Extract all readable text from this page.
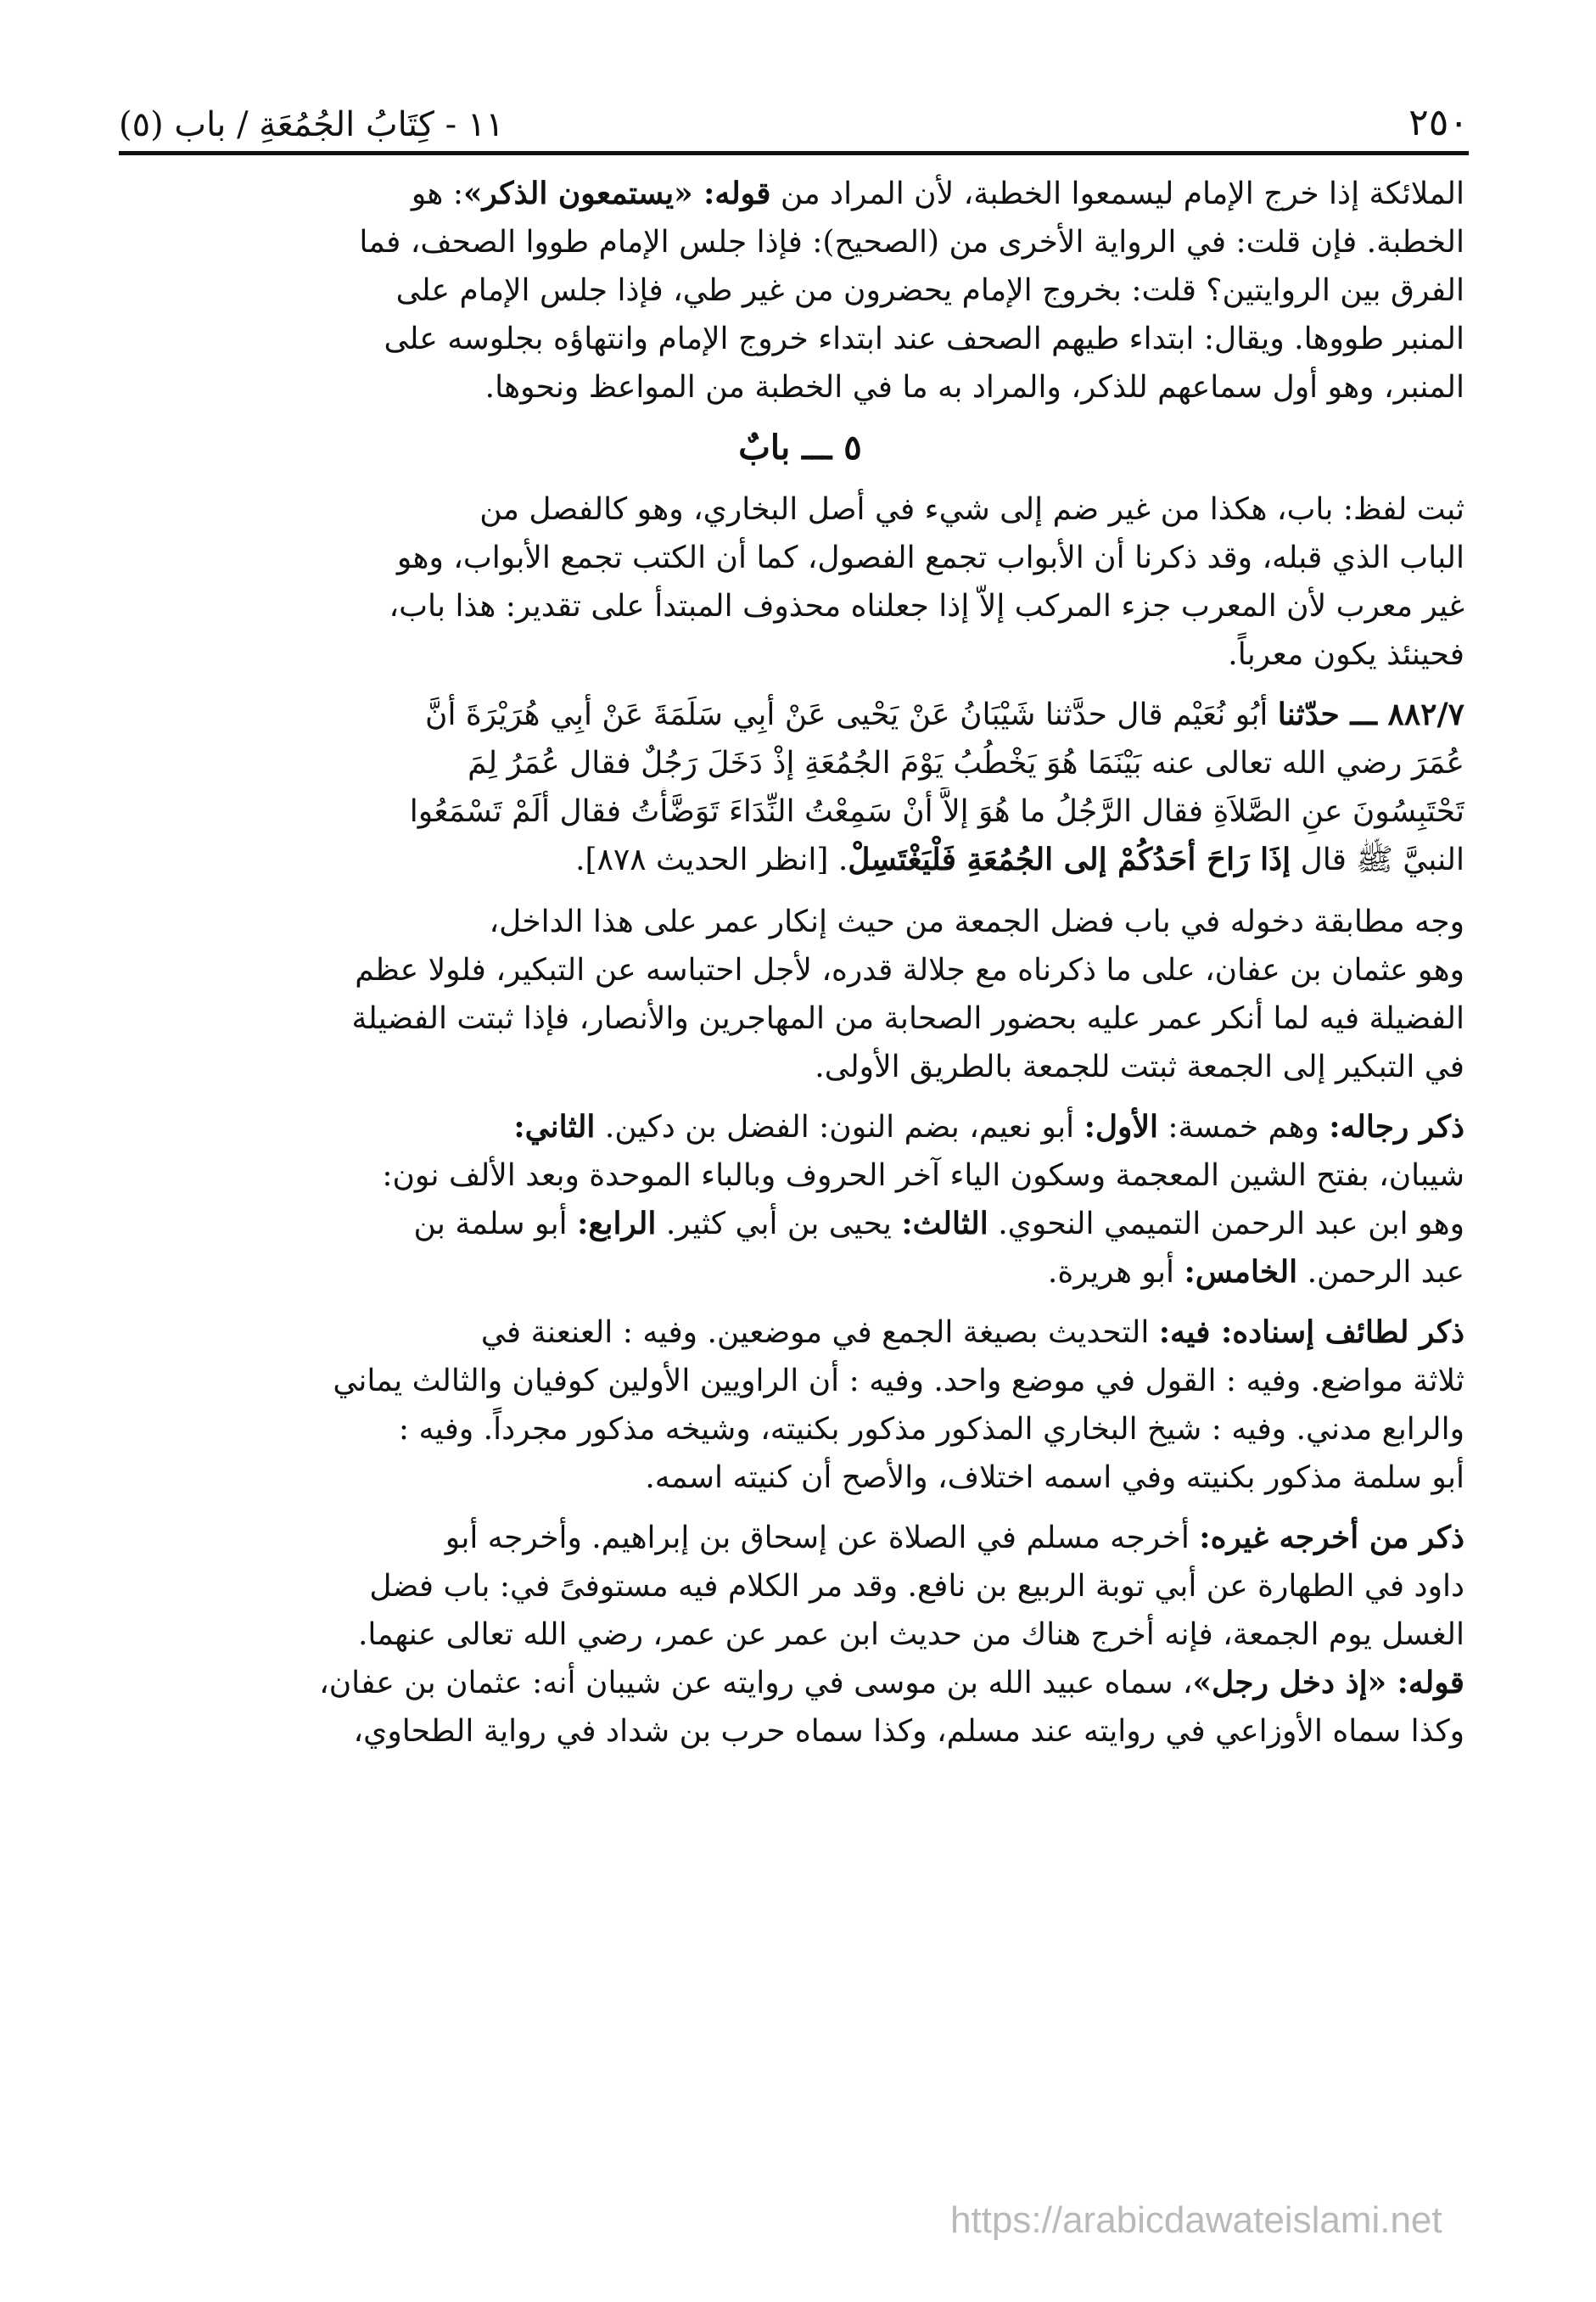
٢٥٠
١١ - كِتَابُ الجُمُعَةِ / باب (٥)
الملائكة إذا خرج الإمام ليسمعوا الخطبة، لأن المراد من قوله: «يستمعون الذكر»: هو
الخطبة. فإن قلت: في الرواية الأخرى من (الصحيح): فإذا جلس الإمام طووا الصحف، فما
الفرق بين الروايتين؟ قلت: بخروج الإمام يحضرون من غير طي، فإذا جلس الإمام على
المنبر طووها. ويقال: ابتداء طيهم الصحف عند ابتداء خروج الإمام وانتهاؤه بجلوسه على
المنبر، وهو أول سماعهم للذكر، والمراد به ما في الخطبة من المواعظ ونحوها.
٥ ـــ بابٌ
ثبت لفظ: باب، هكذا من غير ضم إلى شيء في أصل البخاري، وهو كالفصل من
الباب الذي قبله، وقد ذكرنا أن الأبواب تجمع الفصول، كما أن الكتب تجمع الأبواب، وهو
غير معرب لأن المعرب جزء المركب إلاّ إذا جعلناه محذوف المبتدأ على تقدير: هذا باب،
فحينئذ يكون معرباً.
٨٨٢/٧ ـــ حدّثنا أبُو نُعَيْم قال حدَّثنا شَيْبَانُ عَنْ يَحْيى عَنْ أبِي سَلَمَةَ عَنْ أبِي هُرَيْرَةَ أنَّ
عُمَرَ رضي الله تعالى عنه بَيْنَمَا هُوَ يَخْطُبُ يَوْمَ الجُمُعَةِ إذْ دَخَلَ رَجُلٌ فقال عُمَرُ لِمَ
تَحْتَبِسُونَ عنِ الصَّلاَةِ فقال الرَّجُلُ ما هُوَ إلاَّ أنْ سَمِعْتُ النِّدَاءَ تَوَضَّأْتُ فقال ألَمْ تَسْمَعُوا
النبيَّ ﷺ قال إذَا رَاحَ أحَدُكُمْ إلى الجُمُعَةِ فَلْيَغْتَسِلْ. [انظر الحديث ٨٧٨].
وجه مطابقة دخوله في باب فضل الجمعة من حيث إنكار عمر على هذا الداخل،
وهو عثمان بن عفان، على ما ذكرناه مع جلالة قدره، لأجل احتباسه عن التبكير، فلولا عظم
الفضيلة فيه لما أنكر عمر عليه بحضور الصحابة من المهاجرين والأنصار، فإذا ثبتت الفضيلة
في التبكير إلى الجمعة ثبتت للجمعة بالطريق الأولى.
ذكر رجاله: وهم خمسة: الأول: أبو نعيم، بضم النون: الفضل بن دكين. الثاني:
شيبان، بفتح الشين المعجمة وسكون الياء آخر الحروف وبالباء الموحدة وبعد الألف نون:
وهو ابن عبد الرحمن التميمي النحوي. الثالث: يحيى بن أبي كثير. الرابع: أبو سلمة بن
عبد الرحمن. الخامس: أبو هريرة.
ذكر لطائف إسناده: فيه: التحديث بصيغة الجمع في موضعين. وفيه : العنعنة في
ثلاثة مواضع. وفيه : القول في موضع واحد. وفيه : أن الراويين الأولين كوفيان والثالث يماني
والرابع مدني. وفيه : شيخ البخاري المذكور مذكور بكنيته، وشيخه مذكور مجرداً. وفيه :
أبو سلمة مذكور بكنيته وفي اسمه اختلاف، والأصح أن كنيته اسمه.
ذكر من أخرجه غيره: أخرجه مسلم في الصلاة عن إسحاق بن إبراهيم. وأخرجه أبو
داود في الطهارة عن أبي توبة الربيع بن نافع. وقد مر الكلام فيه مستوفىً في: باب فضل
الغسل يوم الجمعة، فإنه أخرج هناك من حديث ابن عمر عن عمر، رضي الله تعالى عنهما.
قوله: «إذ دخل رجل»، سماه عبيد الله بن موسى في روايته عن شيبان أنه: عثمان بن عفان،
وكذا سماه الأوزاعي في روايته عند مسلم، وكذا سماه حرب بن شداد في رواية الطحاوي،
https://arabicdawateislami.net
